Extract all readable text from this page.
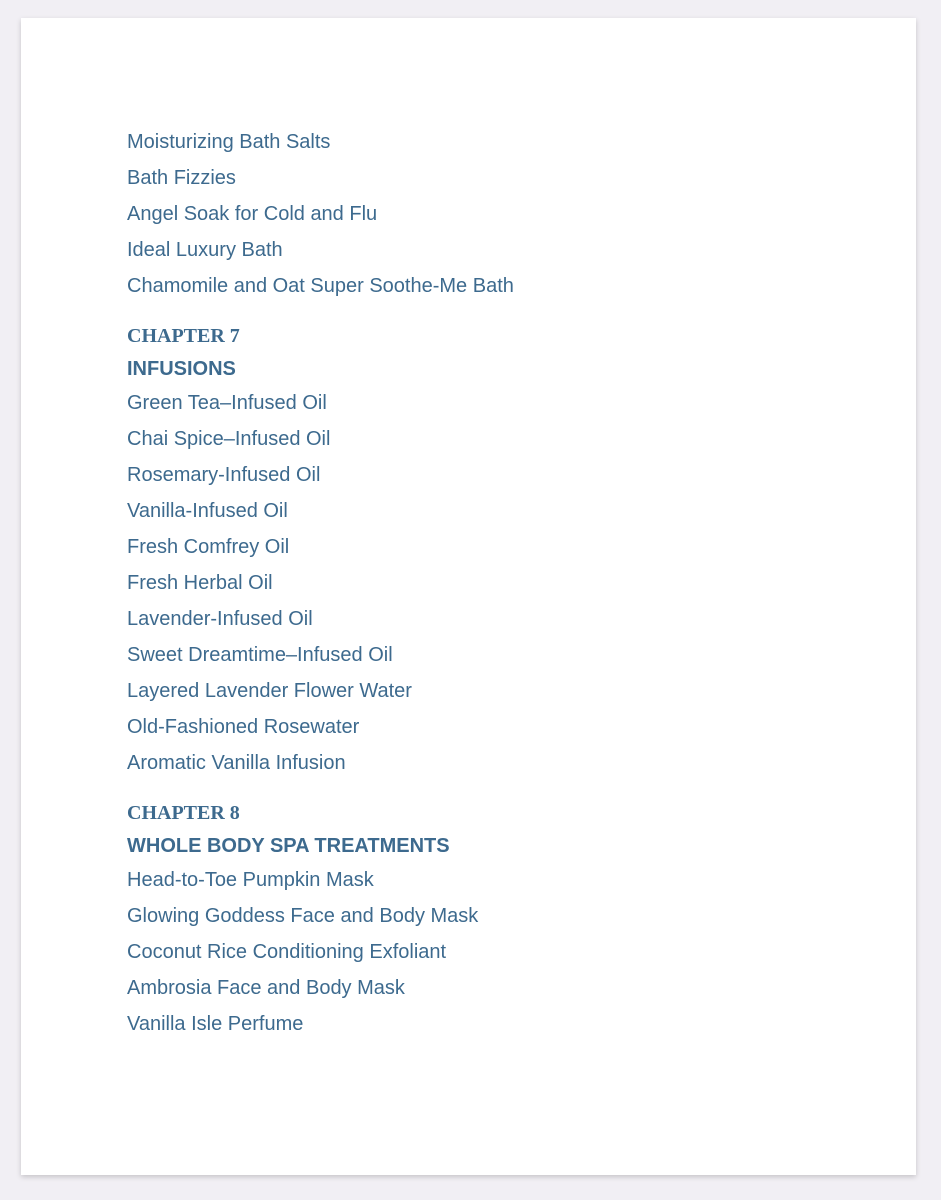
Moisturizing Bath Salts
Bath Fizzies
Angel Soak for Cold and Flu
Ideal Luxury Bath
Chamomile and Oat Super Soothe-Me Bath
CHAPTER 7
INFUSIONS
Green Tea–Infused Oil
Chai Spice–Infused Oil
Rosemary-Infused Oil
Vanilla-Infused Oil
Fresh Comfrey Oil
Fresh Herbal Oil
Lavender-Infused Oil
Sweet Dreamtime–Infused Oil
Layered Lavender Flower Water
Old-Fashioned Rosewater
Aromatic Vanilla Infusion
CHAPTER 8
WHOLE BODY SPA TREATMENTS
Head-to-Toe Pumpkin Mask
Glowing Goddess Face and Body Mask
Coconut Rice Conditioning Exfoliant
Ambrosia Face and Body Mask
Vanilla Isle Perfume
